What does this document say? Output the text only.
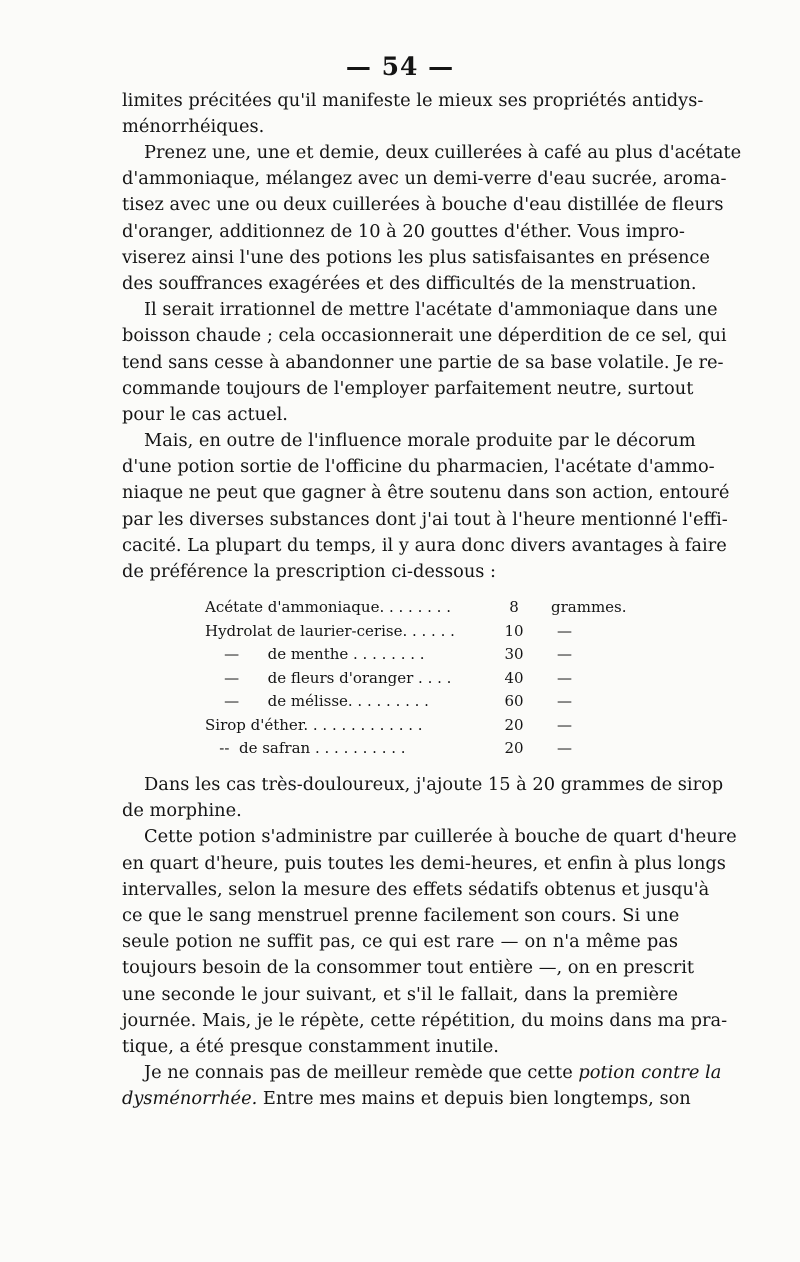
— 54 —
limites précitées qu'il manifeste le mieux ses propriétés antidys-
ménorrhéiques.
Prenez une, une et demie, deux cuillerées à café au plus d'acétate
d'ammoniaque, mélangez avec un demi-verre d'eau sucrée, aroma-
tisez avec une ou deux cuillerées à bouche d'eau distillée de fleurs
d'oranger, additionnez de 10 à 20 gouttes d'éther. Vous impro-
viserez ainsi l'une des potions les plus satisfaisantes en présence
des souffrances exagérées et des difficultés de la menstruation.
Il serait irrationnel de mettre l'acétate d'ammoniaque dans une
boisson chaude ; cela occasionnerait une déperdition de ce sel, qui
tend sans cesse à abandonner une partie de sa base volatile. Je re-
commande toujours de l'employer parfaitement neutre, surtout
pour le cas actuel.
Mais, en outre de l'influence morale produite par le décorum
d'une potion sortie de l'officine du pharmacien, l'acétate d'ammo-
niaque ne peut que gagner à être soutenu dans son action, entouré
par les diverses substances dont j'ai tout à l'heure mentionné l'effi-
cacité. La plupart du temps, il y aura donc divers avantages à faire
de préférence la prescription ci-dessous :
Acétate d'ammoniaque. . . . . . . .	8	grammes.
Hydrolat de laurier-cerise. . . . . .	10	—
—      de menthe . . . . . . . .	30	—
—      de fleurs d'oranger . . . .	40	—
—      de mélisse. . . . . . . . .	60	—
Sirop d'éther. . . . . . . . . . . . .	20	—
--  de safran . . . . . . . . . .	20	—
Dans les cas très-douloureux, j'ajoute 15 à 20 grammes de sirop
de morphine.
Cette potion s'administre par cuillerée à bouche de quart d'heure
en quart d'heure, puis toutes les demi-heures, et enfin à plus longs
intervalles, selon la mesure des effets sédatifs obtenus et jusqu'à
ce que le sang menstruel prenne facilement son cours. Si une
seule potion ne suffit pas, ce qui est rare — on n'a même pas
toujours besoin de la consommer tout entière —, on en prescrit
une seconde le jour suivant, et s'il le fallait, dans la première
journée. Mais, je le répète, cette répétition, du moins dans ma pra-
tique, a été presque constamment inutile.
Je ne connais pas de meilleur remède que cette potion contre la
dysménorrhée. Entre mes mains et depuis bien longtemps, son
